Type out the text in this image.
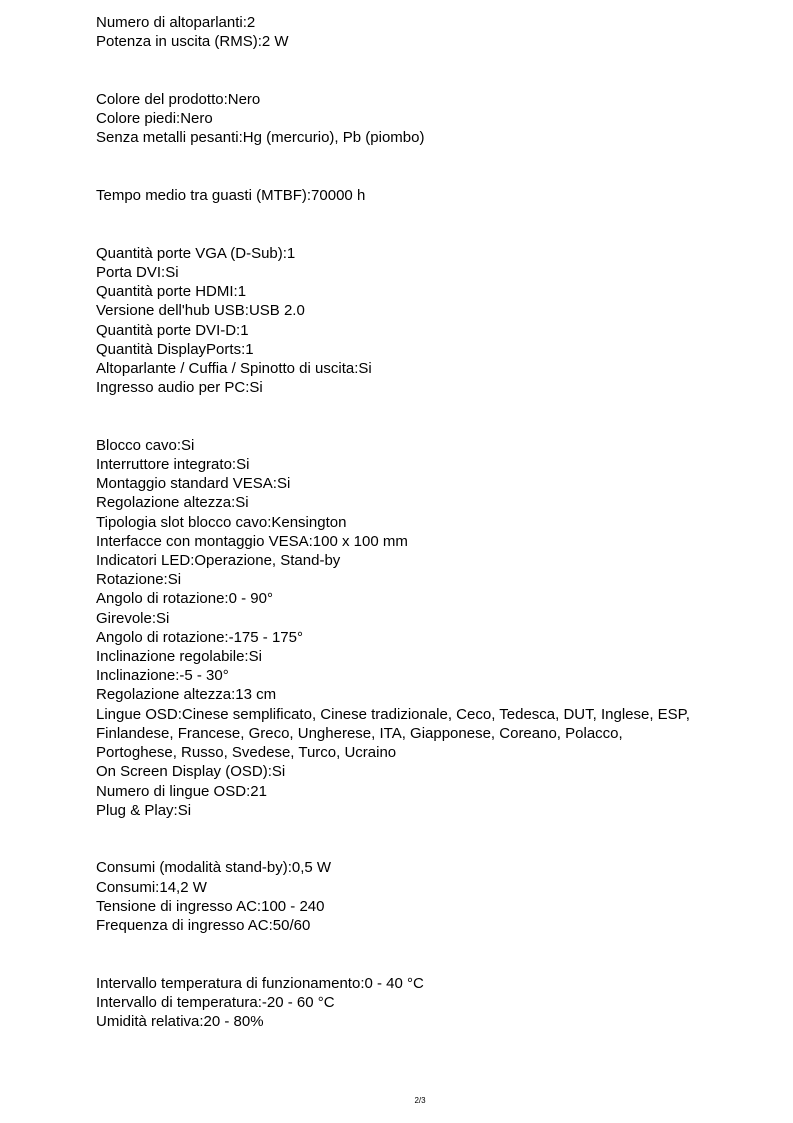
Numero di altoparlanti:2
Potenza in uscita (RMS):2 W
Colore del prodotto:Nero
Colore piedi:Nero
Senza metalli pesanti:Hg (mercurio), Pb (piombo)
Tempo medio tra guasti (MTBF):70000 h
Quantità porte VGA (D-Sub):1
Porta DVI:Si
Quantità porte HDMI:1
Versione dell'hub USB:USB 2.0
Quantità porte DVI-D:1
Quantità DisplayPorts:1
Altoparlante / Cuffia / Spinotto di uscita:Si
Ingresso audio per PC:Si
Blocco cavo:Si
Interruttore integrato:Si
Montaggio standard VESA:Si
Regolazione altezza:Si
Tipologia slot blocco cavo:Kensington
Interfacce con montaggio VESA:100 x 100 mm
Indicatori LED:Operazione, Stand-by
Rotazione:Si
Angolo di rotazione:0 - 90°
Girevole:Si
Angolo di rotazione:-175 - 175°
Inclinazione regolabile:Si
Inclinazione:-5 - 30°
Regolazione altezza:13 cm
Lingue OSD:Cinese semplificato, Cinese tradizionale, Ceco, Tedesca, DUT, Inglese, ESP,
Finlandese, Francese, Greco, Ungherese, ITA, Giapponese, Coreano, Polacco,
Portoghese, Russo, Svedese, Turco, Ucraino
On Screen Display (OSD):Si
Numero di lingue OSD:21
Plug & Play:Si
Consumi (modalità stand-by):0,5 W
Consumi:14,2 W
Tensione di ingresso AC:100 - 240
Frequenza di ingresso AC:50/60
Intervallo temperatura di funzionamento:0 - 40 °C
Intervallo di temperatura:-20 - 60 °C
Umidità relativa:20 - 80%
2/3
